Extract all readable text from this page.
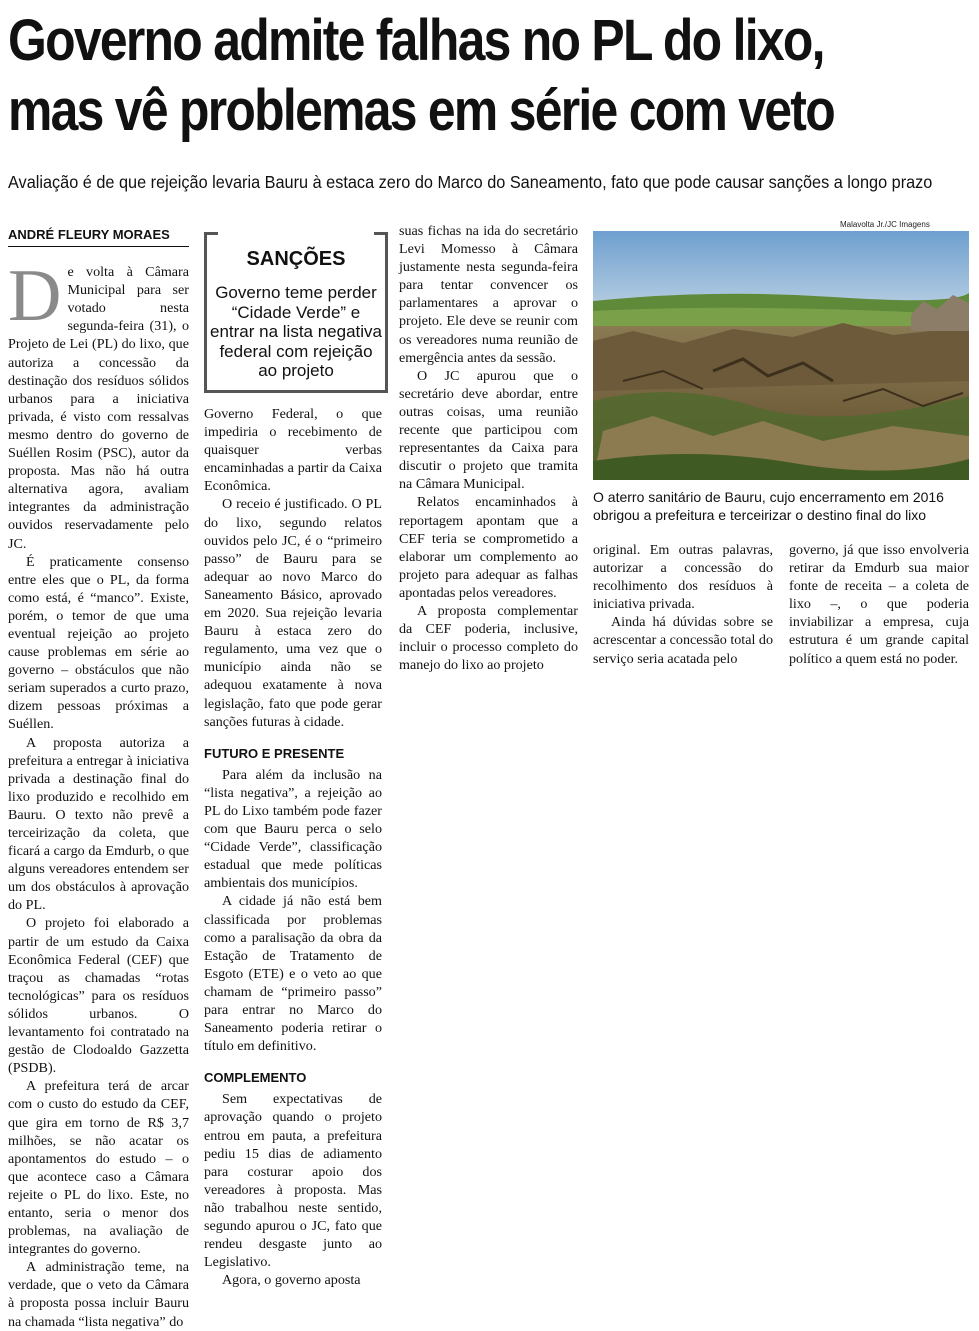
Governo admite falhas no PL do lixo,
mas vê problemas em série com veto
Avaliação é de que rejeição levaria Bauru à estaca zero do Marco do Saneamento, fato que pode causar sanções a longo prazo
ANDRÉ FLEURY MORAES

De volta à Câmara Municipal para ser votado nesta segunda-feira (31), o Projeto de Lei (PL) do lixo, que autoriza a concessão da destinação dos resíduos sólidos urbanos para a iniciativa privada, é visto com ressalvas mesmo dentro do governo de Suéllen Rosim (PSC), autor da proposta. Mas não há outra alternativa agora, avaliam integrantes da administração ouvidos reservadamente pelo JC.

É praticamente consenso entre eles que o PL, da forma como está, é “manco”. Existe, porém, o temor de que uma eventual rejeição ao projeto cause problemas em série ao governo – obstáculos que não seriam superados a curto prazo, dizem pessoas próximas a Suéllen.

A proposta autoriza a prefeitura a entregar à iniciativa privada a destinação final do lixo produzido e recolhido em Bauru. O texto não prevê a terceirização da coleta, que ficará a cargo da Emdurb, o que alguns vereadores entendem ser um dos obstáculos à aprovação do PL.

O projeto foi elaborado a partir de um estudo da Caixa Econômica Federal (CEF) que traçou as chamadas “rotas tecnológicas” para os resíduos sólidos urbanos. O levantamento foi contratado na gestão de Clodoaldo Gazzetta (PSDB).

A prefeitura terá de arcar com o custo do estudo da CEF, que gira em torno de R$ 3,7 milhões, se não acatar os apontamentos do estudo – o que acontece caso a Câmara rejeite o PL do lixo. Este, no entanto, seria o menor dos problemas, na avaliação de integrantes do governo.

A administração teme, na verdade, que o veto da Câmara à proposta possa incluir Bauru na chamada “lista negativa” do

SANÇÕES
Governo teme perder “Cidade Verde” e entrar na lista negativa federal com rejeição ao projeto

Governo Federal, o que impediria o recebimento de quaisquer verbas encaminhadas a partir da Caixa Econômica.

O receio é justificado. O PL do lixo, segundo relatos ouvidos pelo JC, é o “primeiro passo” de Bauru para se adequar ao novo Marco do Saneamento Básico, aprovado em 2020. Sua rejeição levaria Bauru à estaca zero do regulamento, uma vez que o município ainda não se adequou exatamente à nova legislação, fato que pode gerar sanções futuras à cidade.

FUTURO E PRESENTE

Para além da inclusão na “lista negativa”, a rejeição ao PL do Lixo também pode fazer com que Bauru perca o selo “Cidade Verde”, classificação estadual que mede políticas ambientais dos municípios.

A cidade já não está bem classificada por problemas como a paralisação da obra da Estação de Tratamento de Esgoto (ETE) e o veto ao que chamam de “primeiro passo” para entrar no Marco do Saneamento poderia retirar o título em definitivo.

COMPLEMENTO

Sem expectativas de aprovação quando o projeto entrou em pauta, a prefeitura pediu 15 dias de adiamento para costurar apoio dos vereadores à proposta. Mas não trabalhou neste sentido, segundo apurou o JC, fato que rendeu desgaste junto ao Legislativo.

Agora, o governo aposta

suas fichas na ida do secretário Levi Momesso à Câmara justamente nesta segunda-feira para tentar convencer os parlamentares a aprovar o projeto. Ele deve se reunir com os vereadores numa reunião de emergência antes da sessão.

O JC apurou que o secretário deve abordar, entre outras coisas, uma reunião recente que participou com representantes da Caixa para discutir o projeto que tramita na Câmara Municipal.

Relatos encaminhados à reportagem apontam que a CEF teria se comprometido a elaborar um complemento ao projeto para adequar as falhas apontadas pelos vereadores.

A proposta complementar da CEF poderia, inclusive, incluir o processo completo do manejo do lixo ao projeto

Malavolta Jr./JC Imagens
O aterro sanitário de Bauru, cujo encerramento em 2016 obrigou a prefeitura e terceirizar o destino final do lixo

original. Em outras palavras, autorizar a concessão do recolhimento dos resíduos à iniciativa privada.

Ainda há dúvidas sobre se acrescentar a concessão total do serviço seria acatada pelo

governo, já que isso envolveria retirar da Emdurb sua maior fonte de receita – a coleta de lixo –, o que poderia inviabilizar a empresa, cuja estrutura é um grande capital político a quem está no poder.
